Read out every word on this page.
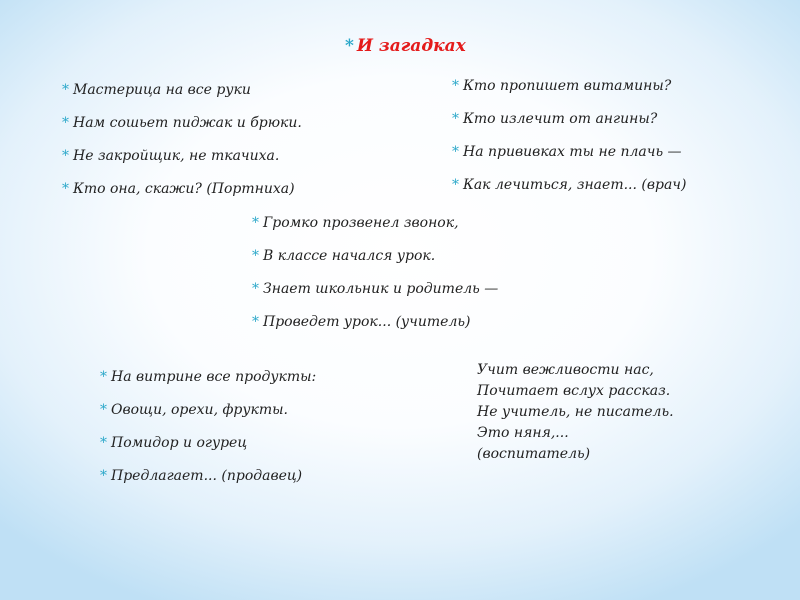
* И загадках
* Мастерица на все руки
* Нам сошьет пиджак и брюки.
* Не закройщик, не ткачиха.
* Кто она, скажи? (Портниха)
* Кто пропишет витамины?
* Кто излечит от ангины?
* На прививках ты не плачь —
* Как лечиться, знает... (врач)
* Громко прозвенел звонок,
* В классе начался урок.
* Знает школьник и родитель —
* Проведет урок... (учитель)
* На витрине все продукты:
* Овощи, орехи, фрукты.
* Помидор и огурец
* Предлагает... (продавец)
Учит вежливости нас,
Почитает вслух рассказ.
Не учитель, не писатель.
Это няня,...
(воспитатель)
